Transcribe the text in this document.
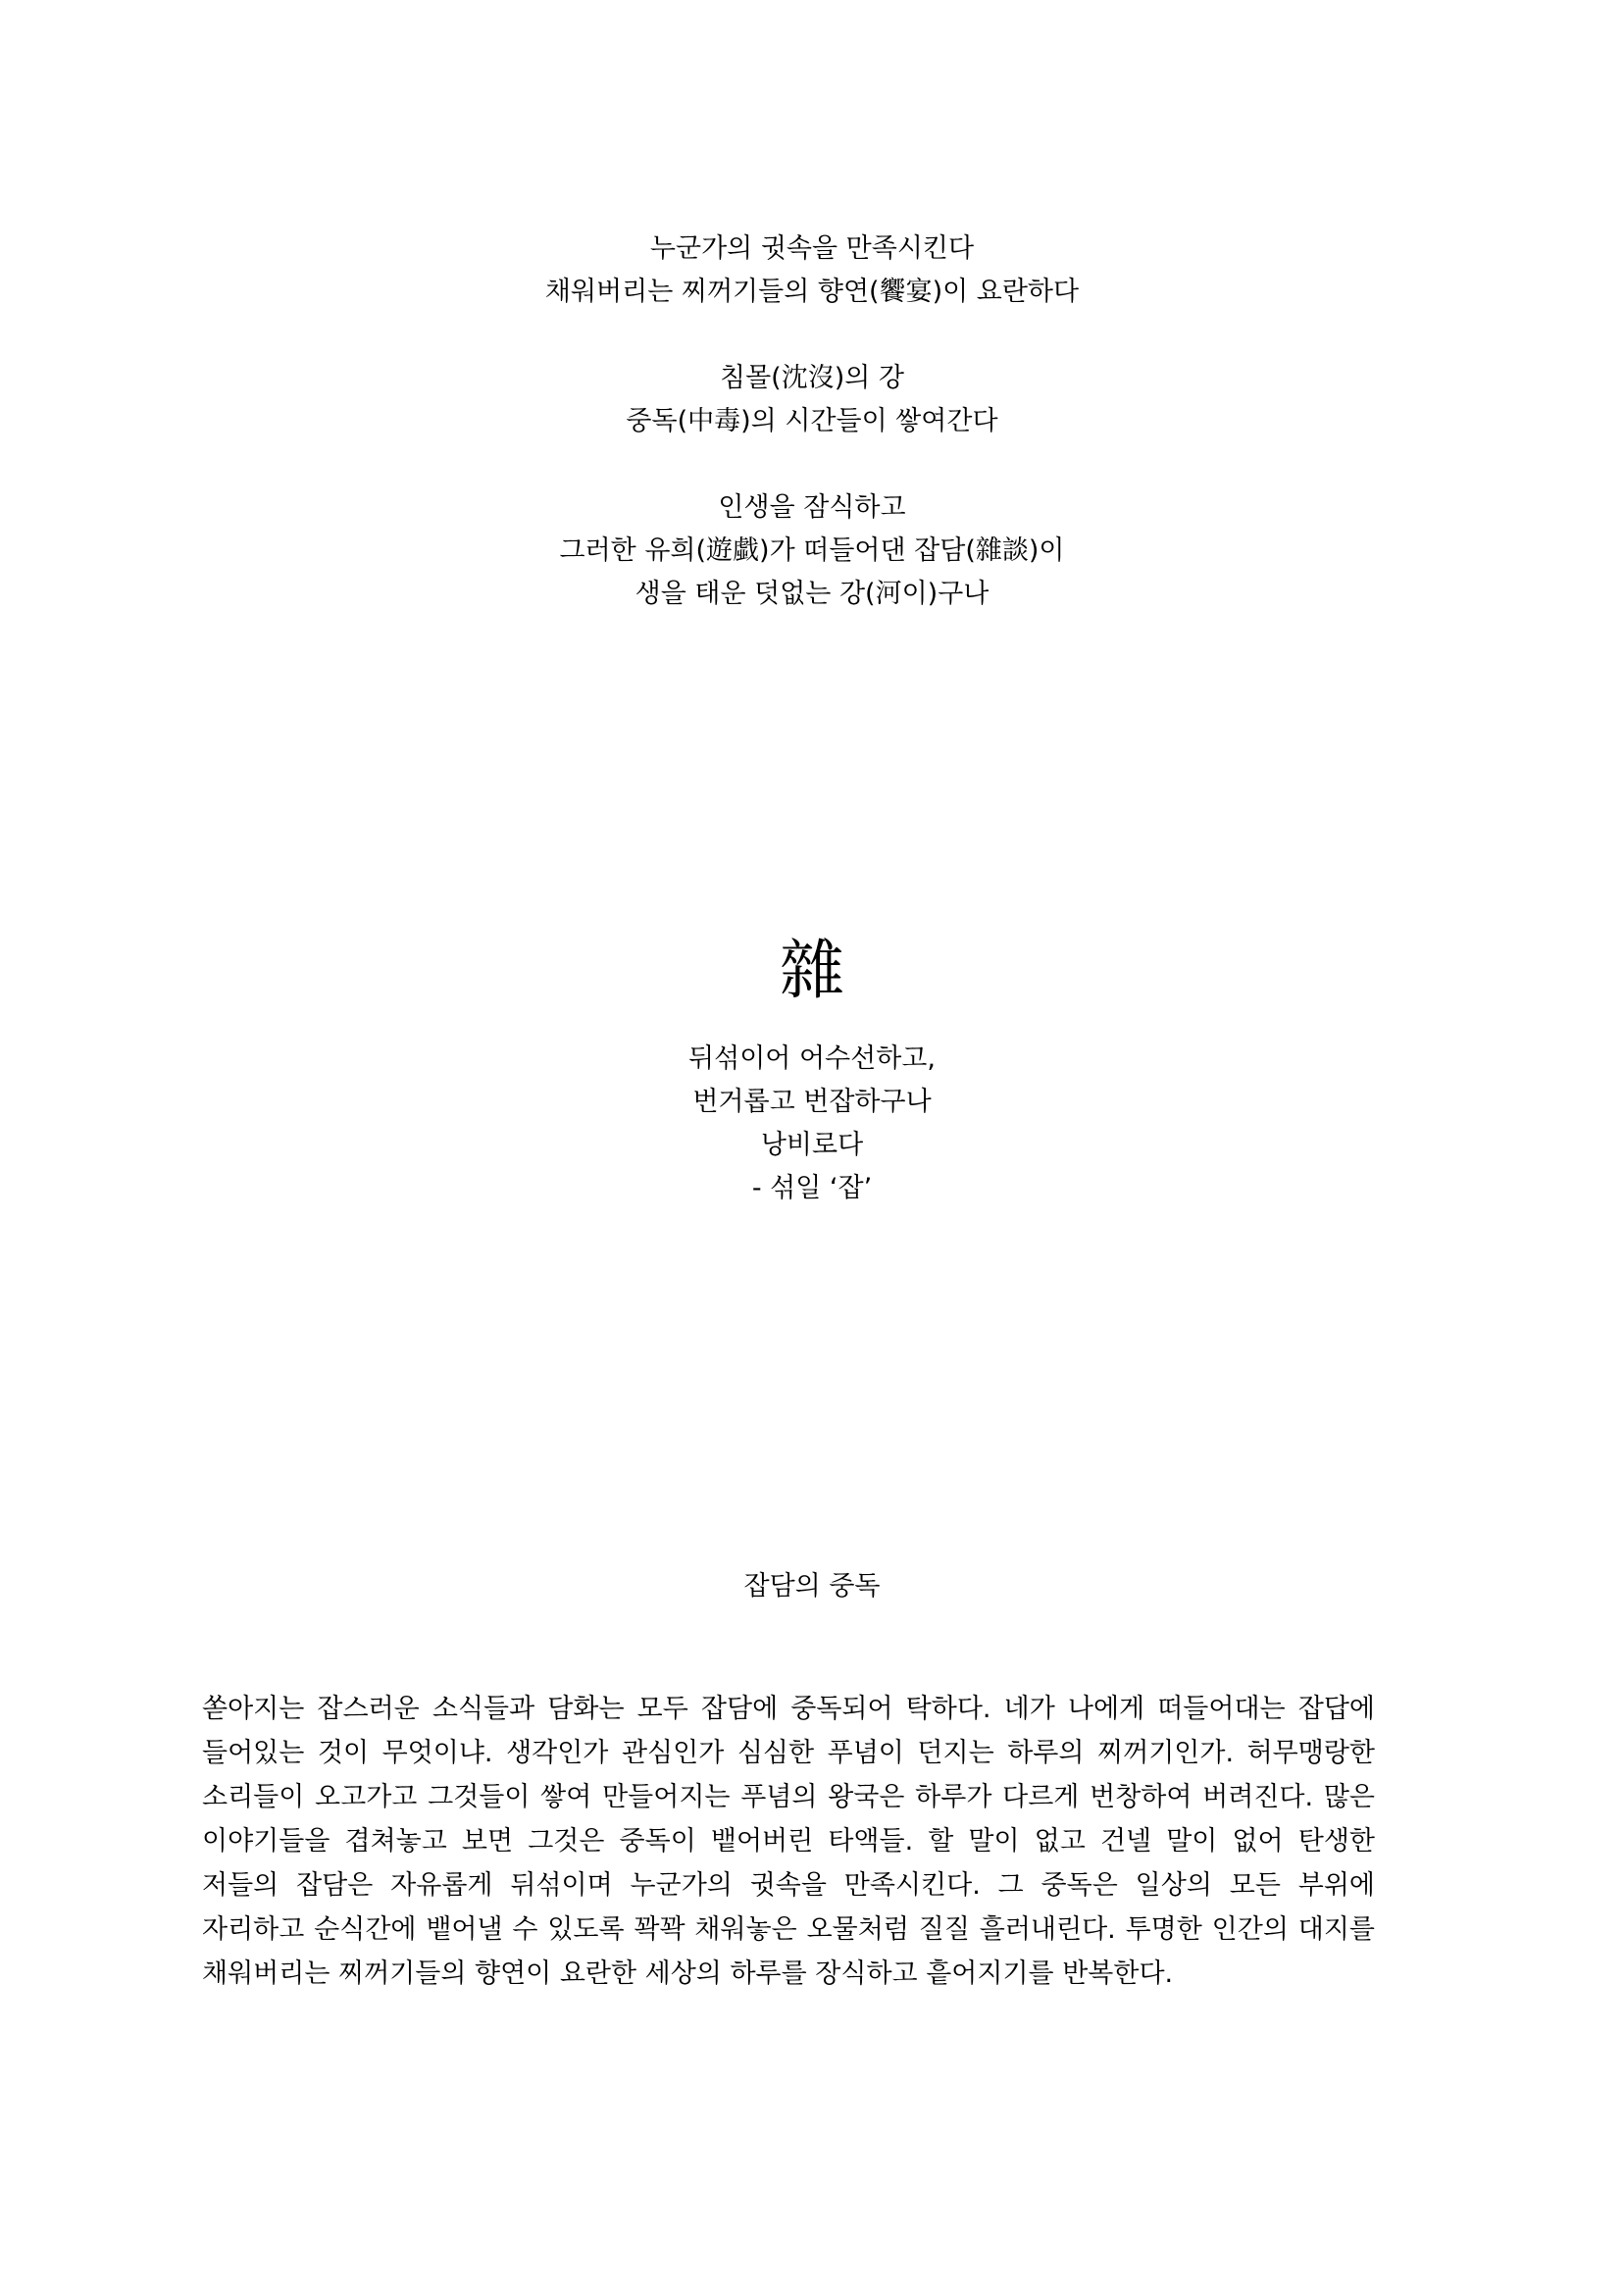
누군가의 귓속을 만족시킨다
채워버리는 찌꺼기들의 향연(饗宴)이 요란하다
침몰(沈沒)의 강
중독(中毒)의 시간들이 쌓여간다
인생을 잠식하고
그러한 유희(遊戱)가 떠들어댄 잡담(雜談)이
생을 태운 덧없는 강(河이)구나
雜
뒤섞이어 어수선하고,
번거롭고 번잡하구나
낭비로다
- 섞일 ‘잡’
잡담의 중독
쏟아지는 잡스러운 소식들과 담화는 모두 잡담에 중독되어 탁하다. 네가 나에게 떠들어대는 잡답에 들어있는 것이 무엇이냐. 생각인가 관심인가 심심한 푸념이 던지는 하루의 찌꺼기인가. 허무맹랑한 소리들이 오고가고 그것들이 쌓여 만들어지는 푸념의 왕국은 하루가 다르게 번창하여 버려진다. 많은 이야기들을 겹쳐놓고 보면 그것은 중독이 뱉어버린 타액들. 할 말이 없고 건넬 말이 없어 탄생한 저들의 잡담은 자유롭게 뒤섞이며 누군가의 귓속을 만족시킨다. 그 중독은 일상의 모든 부위에 자리하고 순식간에 뱉어낼 수 있도록 꽉꽉 채워놓은 오물처럼 질질 흘러내린다. 투명한 인간의 대지를 채워버리는 찌꺼기들의 향연이 요란한 세상의 하루를 장식하고 흩어지기를 반복한다.
